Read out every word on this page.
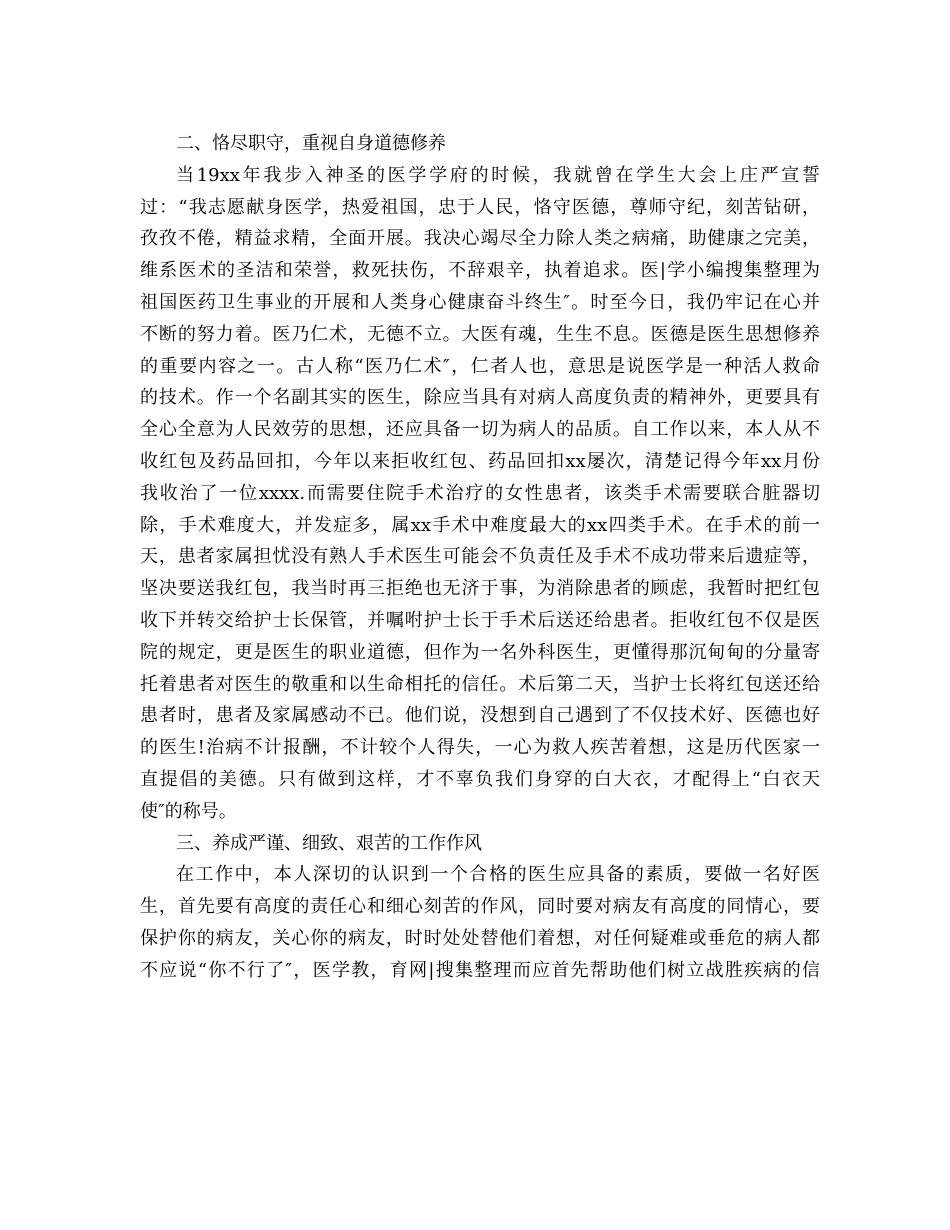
二、恪尽职守，重视自身道德修养
当19xx年我步入神圣的医学学府的时候，我就曾在学生大会上庄严宣誓
过：“我志愿献身医学，热爱祖国，忠于人民，恪守医德，尊师守纪，刻苦钻研，
孜孜不倦，精益求精，全面开展。我决心竭尽全力除人类之病痛，助健康之完美，
维系医术的圣洁和荣誉，救死扶伤，不辞艰辛，执着追求。医|学小编搜集整理为
祖国医药卫生事业的开展和人类身心健康奋斗终生″。时至今日，我仍牢记在心并
不断的努力着。医乃仁术，无德不立。大医有魂，生生不息。医德是医生思想修养
的重要内容之一。古人称“医乃仁术″，仁者人也，意思是说医学是一种活人救命
的技术。作一个名副其实的医生，除应当具有对病人高度负责的精神外，更要具有
全心全意为人民效劳的思想，还应具备一切为病人的品质。自工作以来，本人从不
收红包及药品回扣，今年以来拒收红包、药品回扣xx屡次，清楚记得今年xx月份
我收治了一位xxxx.而需要住院手术治疗的女性患者，该类手术需要联合脏器切
除，手术难度大，并发症多，属xx手术中难度最大的xx四类手术。在手术的前一
天，患者家属担忧没有熟人手术医生可能会不负责任及手术不成功带来后遗症等，
坚决要送我红包，我当时再三拒绝也无济于事，为消除患者的顾虑，我暂时把红包
收下并转交给护士长保管，并嘱咐护士长于手术后送还给患者。拒收红包不仅是医
院的规定，更是医生的职业道德，但作为一名外科医生，更懂得那沉甸甸的分量寄
托着患者对医生的敬重和以生命相托的信任。术后第二天，当护士长将红包送还给
患者时，患者及家属感动不已。他们说，没想到自己遇到了不仅技术好、医德也好
的医生!治病不计报酬，不计较个人得失，一心为救人疾苦着想，这是历代医家一
直提倡的美德。只有做到这样，才不辜负我们身穿的白大衣，才配得上“白衣天
使″的称号。
三、养成严谨、细致、艰苦的工作作风
在工作中，本人深切的认识到一个合格的医生应具备的素质，要做一名好医
生，首先要有高度的责任心和细心刻苦的作风，同时要对病友有高度的同情心，要
保护你的病友，关心你的病友，时时处处替他们着想，对任何疑难或垂危的病人都
不应说“你不行了″，医学教，育网|搜集整理而应首先帮助他们树立战胜疾病的信
